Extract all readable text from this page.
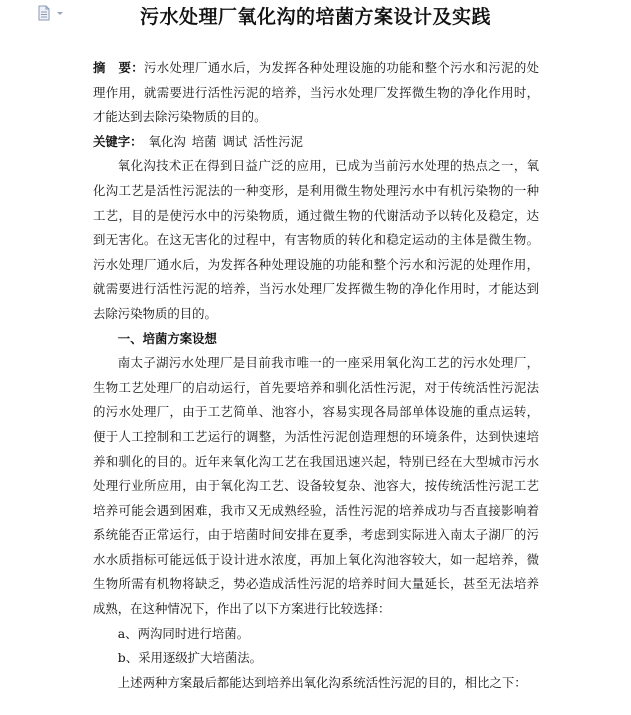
污水处理厂氧化沟的培菌方案设计及实践

摘　要：污水处理厂通水后，为发挥各种处理设施的功能和整个污水和污泥的处理作用，就需要进行活性污泥的培养，当污水处理厂发挥微生物的净化作用时，才能达到去除污染物质的目的。

关键字： 氧化沟 培菌 调试 活性污泥

氧化沟技术正在得到日益广泛的应用，已成为当前污水处理的热点之一，氧化沟工艺是活性污泥法的一种变形，是利用微生物处理污水中有机污染物的一种工艺，目的是使污水中的污染物质，通过微生物的代谢活动予以转化及稳定，达到无害化。在这无害化的过程中，有害物质的转化和稳定运动的主体是微生物。污水处理厂通水后，为发挥各种处理设施的功能和整个污水和污泥的处理作用，就需要进行活性污泥的培养，当污水处理厂发挥微生物的净化作用时，才能达到去除污染物质的目的。

一、培菌方案设想

南太子湖污水处理厂是目前我市唯一的一座采用氧化沟工艺的污水处理厂，生物工艺处理厂的启动运行，首先要培养和驯化活性污泥，对于传统活性污泥法的污水处理厂，由于工艺简单、池容小，容易实现各局部单体设施的重点运转，便于人工控制和工艺运行的调整，为活性污泥创造理想的环境条件，达到快速培养和驯化的目的。近年来氧化沟工艺在我国迅速兴起，特别已经在大型城市污水处理行业所应用，由于氧化沟工艺、设备较复杂、池容大，按传统活性污泥工艺培养可能会遇到困难，我市又无成熟经验，活性污泥的培养成功与否直接影响着系统能否正常运行，由于培菌时间安排在夏季，考虑到实际进入南太子湖厂的污水水质指标可能远低于设计进水浓度，再加上氧化沟池容较大，如一起培养，微生物所需有机物将缺乏，势必造成活性污泥的培养时间大量延长，甚至无法培养成熟，在这种情况下，作出了以下方案进行比较选择：

a、两沟同时进行培菌。

b、采用逐级扩大培菌法。

上述两种方案最后都能达到培养出氧化沟系统活性污泥的目的，相比之下：
